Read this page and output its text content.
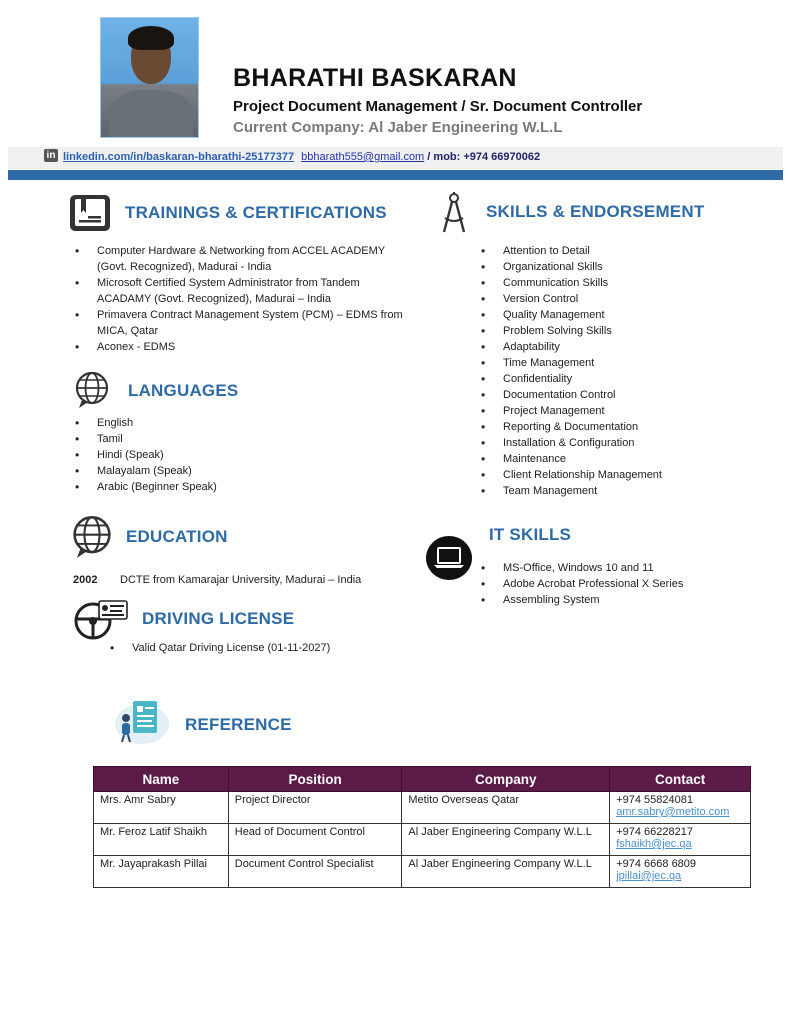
BHARATHI BASKARAN
Project Document Management / Sr. Document Controller
Current Company: Al Jaber Engineering W.L.L
in linkedin.com/in/baskaran-bharathi-25177377 bbharath555@gmail.com / mob: +974 66970062
TRAININGS & CERTIFICATIONS
• Computer Hardware & Networking from ACCEL ACADEMY (Govt. Recognized), Madurai - India
• Microsoft Certified System Administrator from Tandem ACADAMY (Govt. Recognized), Madurai – India
• Primavera Contract Management System (PCM) – EDMS from MICA, Qatar
• Aconex - EDMS
LANGUAGES
• English
• Tamil
• Hindi (Speak)
• Malayalam (Speak)
• Arabic (Beginner Speak)
EDUCATION
2002 DCTE from Kamarajar University, Madurai – India
DRIVING LICENSE
• Valid Qatar Driving License (01-11-2027)
SKILLS & ENDORSEMENT
• Attention to Detail
• Organizational Skills
• Communication Skills
• Version Control
• Quality Management
• Problem Solving Skills
• Adaptability
• Time Management
• Confidentiality
• Documentation Control
• Project Management
• Reporting & Documentation
• Installation & Configuration
• Maintenance
• Client Relationship Management
• Team Management
IT SKILLS
• MS-Office, Windows 10 and 11
• Adobe Acrobat Professional X Series
• Assembling System
REFERENCE
Name	Position	Company	Contact
Mrs. Amr Sabry	Project Director	Metito Overseas Qatar	+974 55824081
amr.sabry@metito.com

Mr. Feroz Latif Shaikh	Head of Document Control	Al Jaber Engineering Company W.L.L	+974 66228217
fshaikh@jec.qa

Mr. Jayaprakash Pillai	Document Control Specialist	Al Jaber Engineering Company W.L.L	+974 6668 6809
jpillai@jec.qa
